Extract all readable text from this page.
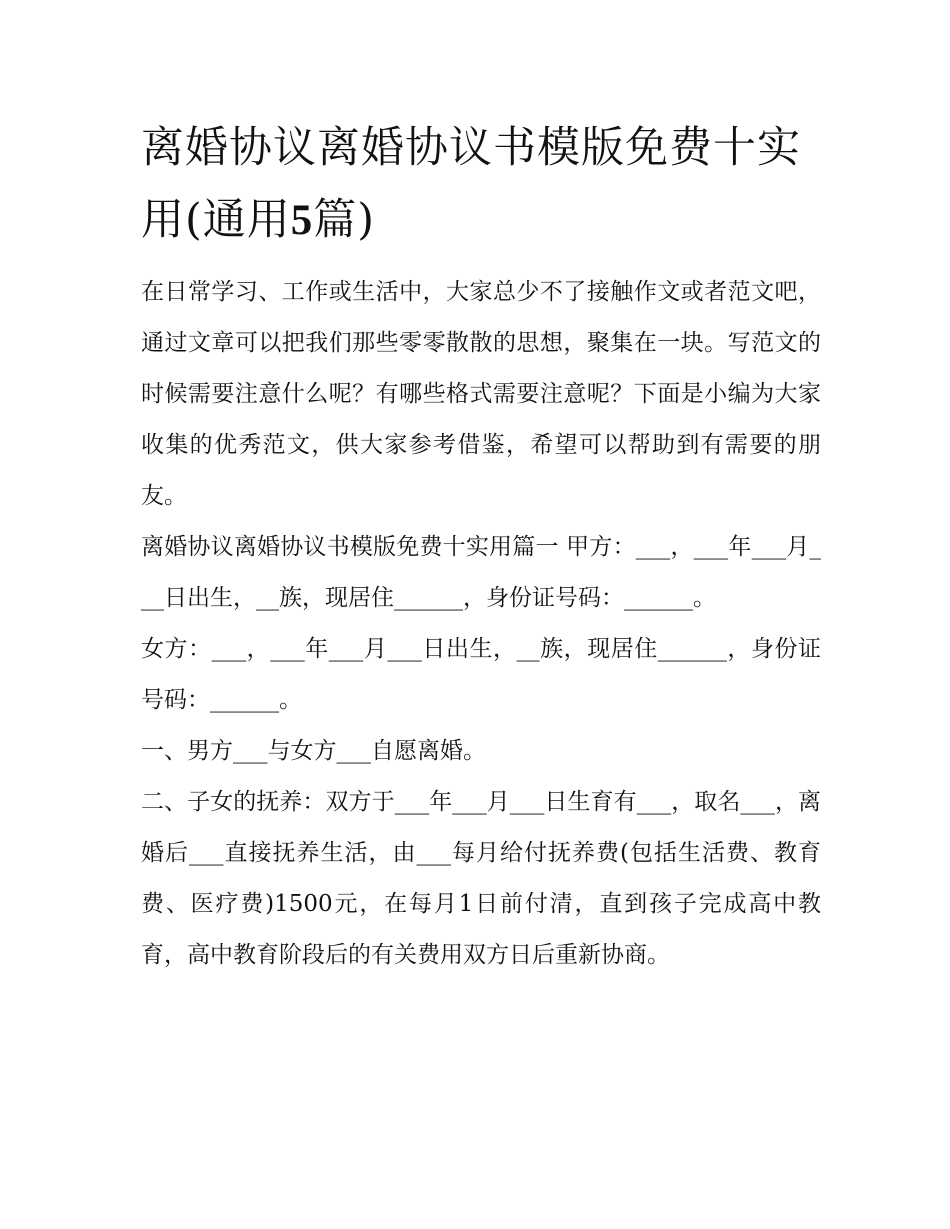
离婚协议离婚协议书模版免费十实用(通用5篇)

在日常学习、工作或生活中，大家总少不了接触作文或者范文吧，通过文章可以把我们那些零零散散的思想，聚集在一块。写范文的时候需要注意什么呢？有哪些格式需要注意呢？下面是小编为大家收集的优秀范文，供大家参考借鉴，希望可以帮助到有需要的朋友。

离婚协议离婚协议书模版免费十实用篇一 甲方：___，___年___月___日出生，__族，现居住______，身份证号码：______。

女方：___，___年___月___日出生，__族，现居住______，身份证号码：______。

一、男方___与女方___自愿离婚。

二、子女的抚养：双方于___年___月___日生育有___，取名___，离婚后___直接抚养生活，由___每月给付抚养费(包括生活费、教育费、医疗费)1500元，在每月1日前付清，直到孩子完成高中教育，高中教育阶段后的有关费用双方日后重新协商。
